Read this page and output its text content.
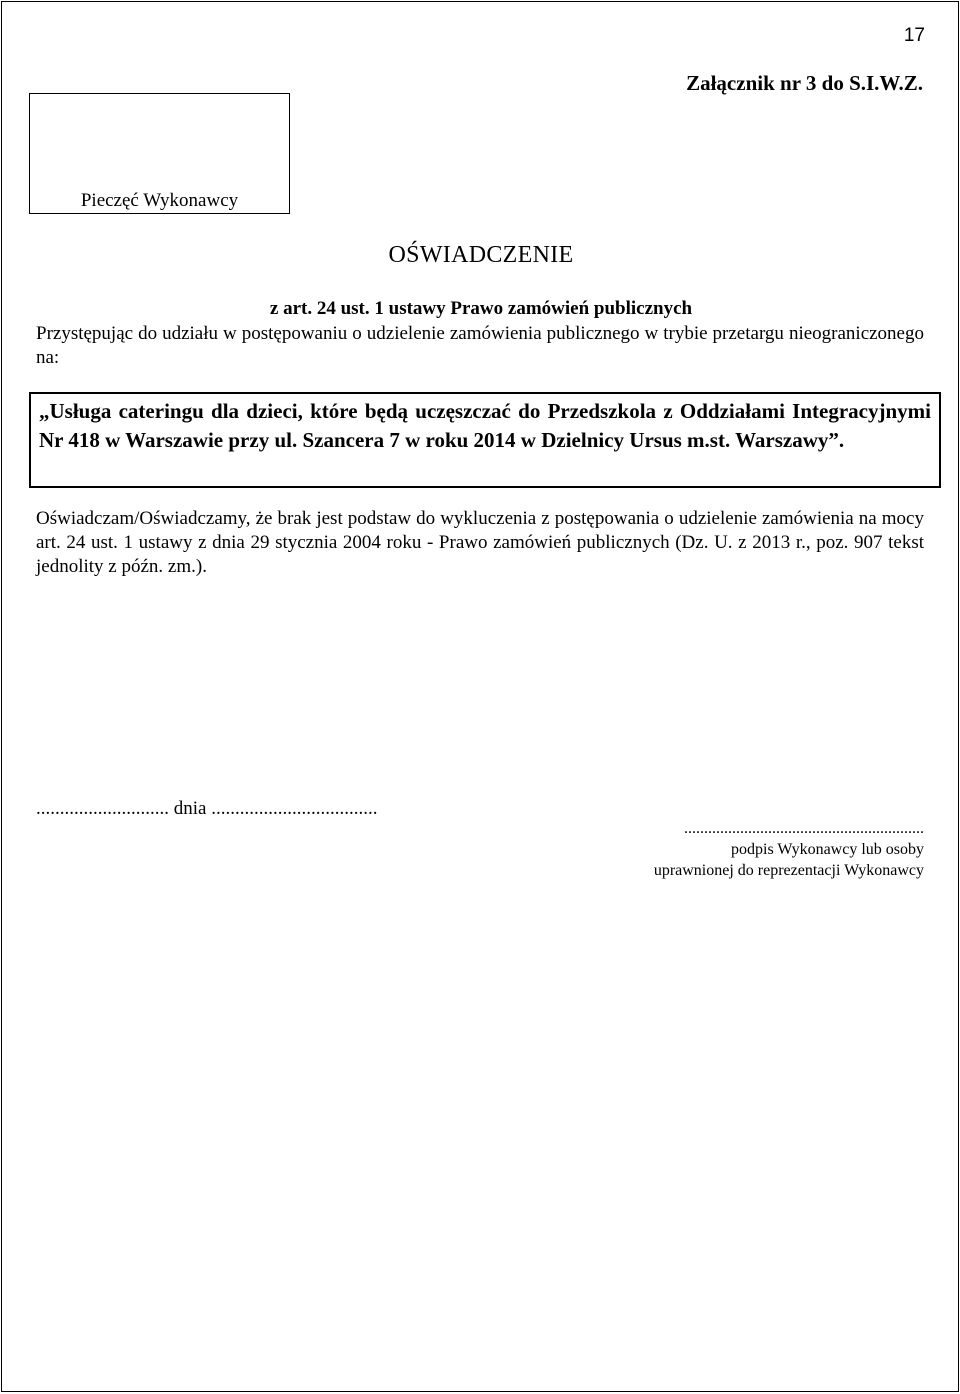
17
Załącznik nr 3 do S.I.W.Z.
Pieczęć Wykonawcy
OŚWIADCZENIE
z art. 24 ust. 1 ustawy Prawo zamówień publicznych
Przystępując do udziału w postępowaniu o udzielenie zamówienia publicznego w trybie przetargu nieograniczonego na:
„Usługa cateringu dla dzieci, które będą uczęszczać do Przedszkola z Oddziałami Integracyjnymi Nr 418 w Warszawie przy ul. Szancera 7 w roku 2014 w Dzielnicy Ursus m.st. Warszawy”.
Oświadczam/Oświadczamy, że brak jest podstaw do wykluczenia z postępowania o udzielenie zamówienia na mocy art. 24 ust. 1 ustawy z dnia 29 stycznia 2004 roku - Prawo zamówień publicznych (Dz. U. z 2013 r., poz. 907 tekst jednolity z późn. zm.).
............................ dnia ...................................
............................................................
podpis Wykonawcy lub osoby
uprawnionej do reprezentacji Wykonawcy
